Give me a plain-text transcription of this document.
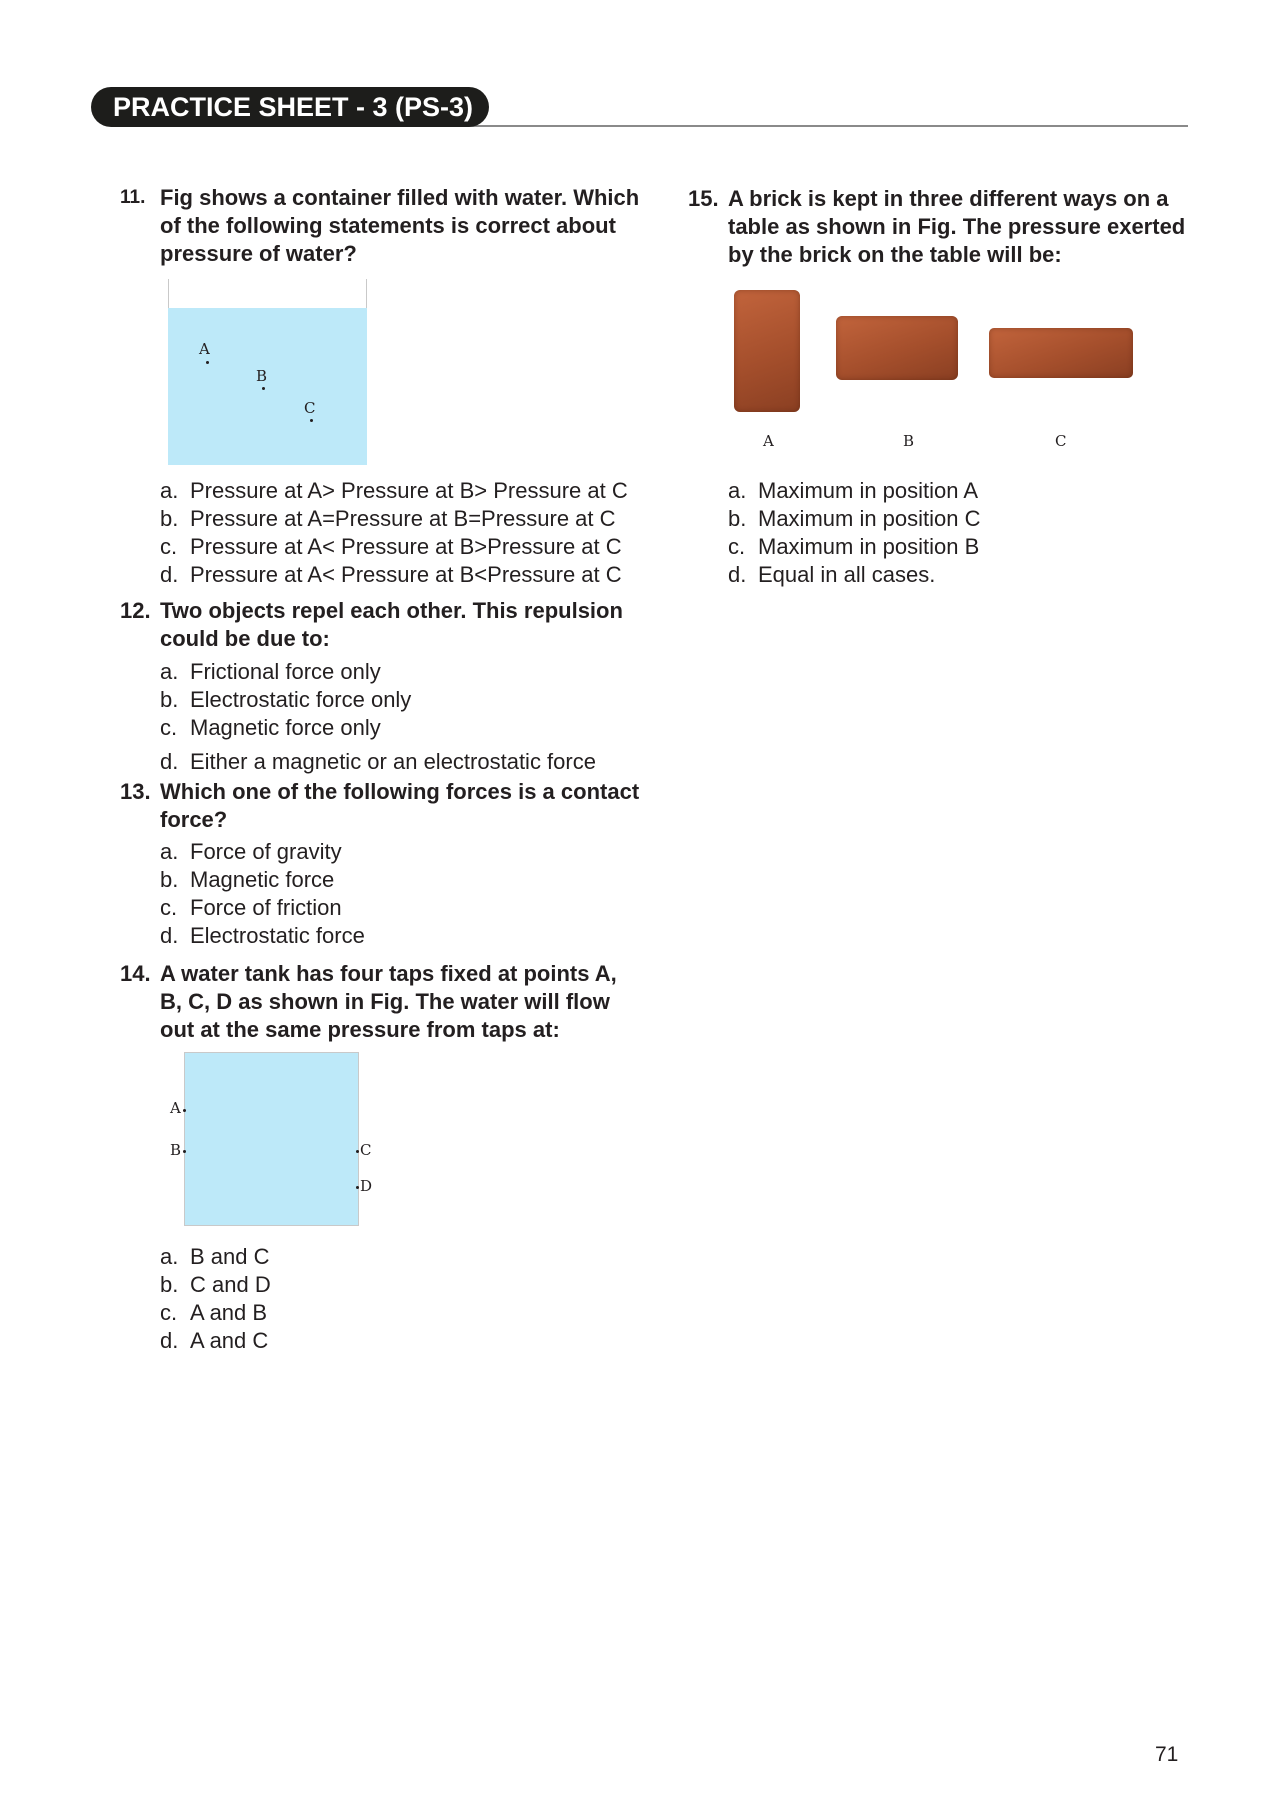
PRACTICE SHEET - 3 (PS-3)
11. Fig shows a container filled with water. Which of the following statements is correct about pressure of water?
A
B
C
a. Pressure at A> Pressure at B> Pressure at C
b. Pressure at A=Pressure at B=Pressure at C
c. Pressure at A< Pressure at B>Pressure at C
d. Pressure at A< Pressure at B<Pressure at C
12. Two objects repel each other. This repulsion could be due to:
a. Frictional force only
b. Electrostatic force only
c. Magnetic force only
d. Either a magnetic or an electrostatic force
13. Which one of the following forces is a contact force?
a. Force of gravity
b. Magnetic force
c. Force of friction
d. Electrostatic force
14. A water tank has four taps fixed at points A, B, C, D as shown in Fig. The water will flow out at the same pressure from taps at:
A
B	C
D
a. B and C
b. C and D
c. A and B
d. A and C
15. A brick is kept in three different ways on a table as shown in Fig. The pressure exerted by the brick on the table will be:
A	B	C
a. Maximum in position A
b. Maximum in position C
c. Maximum in position B
d. Equal in all cases.
71
